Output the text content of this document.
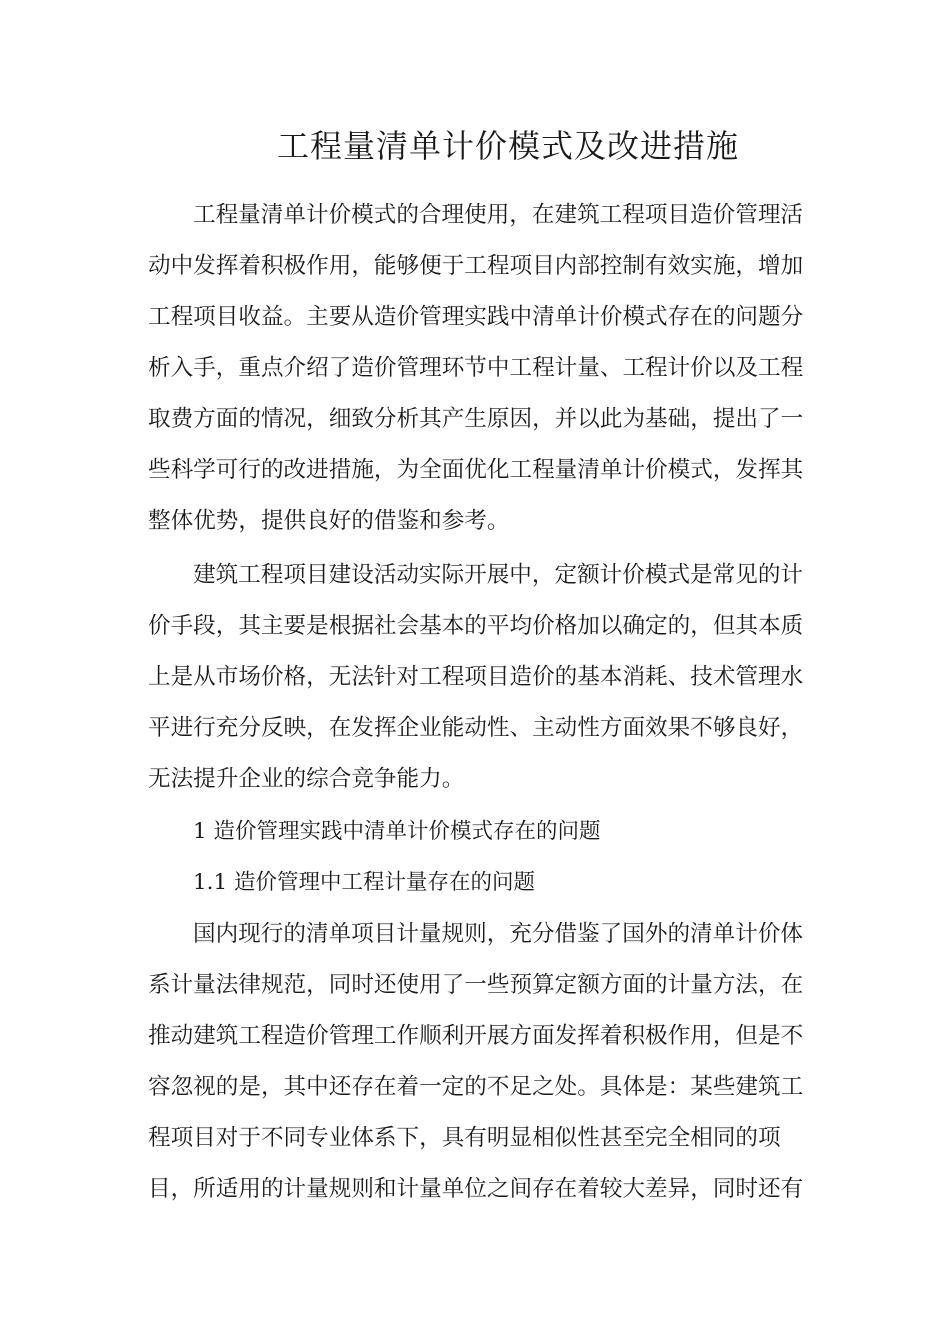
工程量清单计价模式及改进措施
工程量清单计价模式的合理使用，在建筑工程项目造价管理活
动中发挥着积极作用，能够便于工程项目内部控制有效实施，增加
工程项目收益。主要从造价管理实践中清单计价模式存在的问题分
析入手，重点介绍了造价管理环节中工程计量、工程计价以及工程
取费方面的情况，细致分析其产生原因，并以此为基础，提出了一
些科学可行的改进措施，为全面优化工程量清单计价模式，发挥其
整体优势，提供良好的借鉴和参考。
建筑工程项目建设活动实际开展中，定额计价模式是常见的计
价手段，其主要是根据社会基本的平均价格加以确定的，但其本质
上是从市场价格，无法针对工程项目造价的基本消耗、技术管理水
平进行充分反映，在发挥企业能动性、主动性方面效果不够良好，
无法提升企业的综合竞争能力。
1 造价管理实践中清单计价模式存在的问题
1.1 造价管理中工程计量存在的问题
国内现行的清单项目计量规则，充分借鉴了国外的清单计价体
系计量法律规范，同时还使用了一些预算定额方面的计量方法，在
推动建筑工程造价管理工作顺利开展方面发挥着积极作用，但是不
容忽视的是，其中还存在着一定的不足之处。具体是：某些建筑工
程项目对于不同专业体系下，具有明显相似性甚至完全相同的项
目，所适用的计量规则和计量单位之间存在着较大差异，同时还有
